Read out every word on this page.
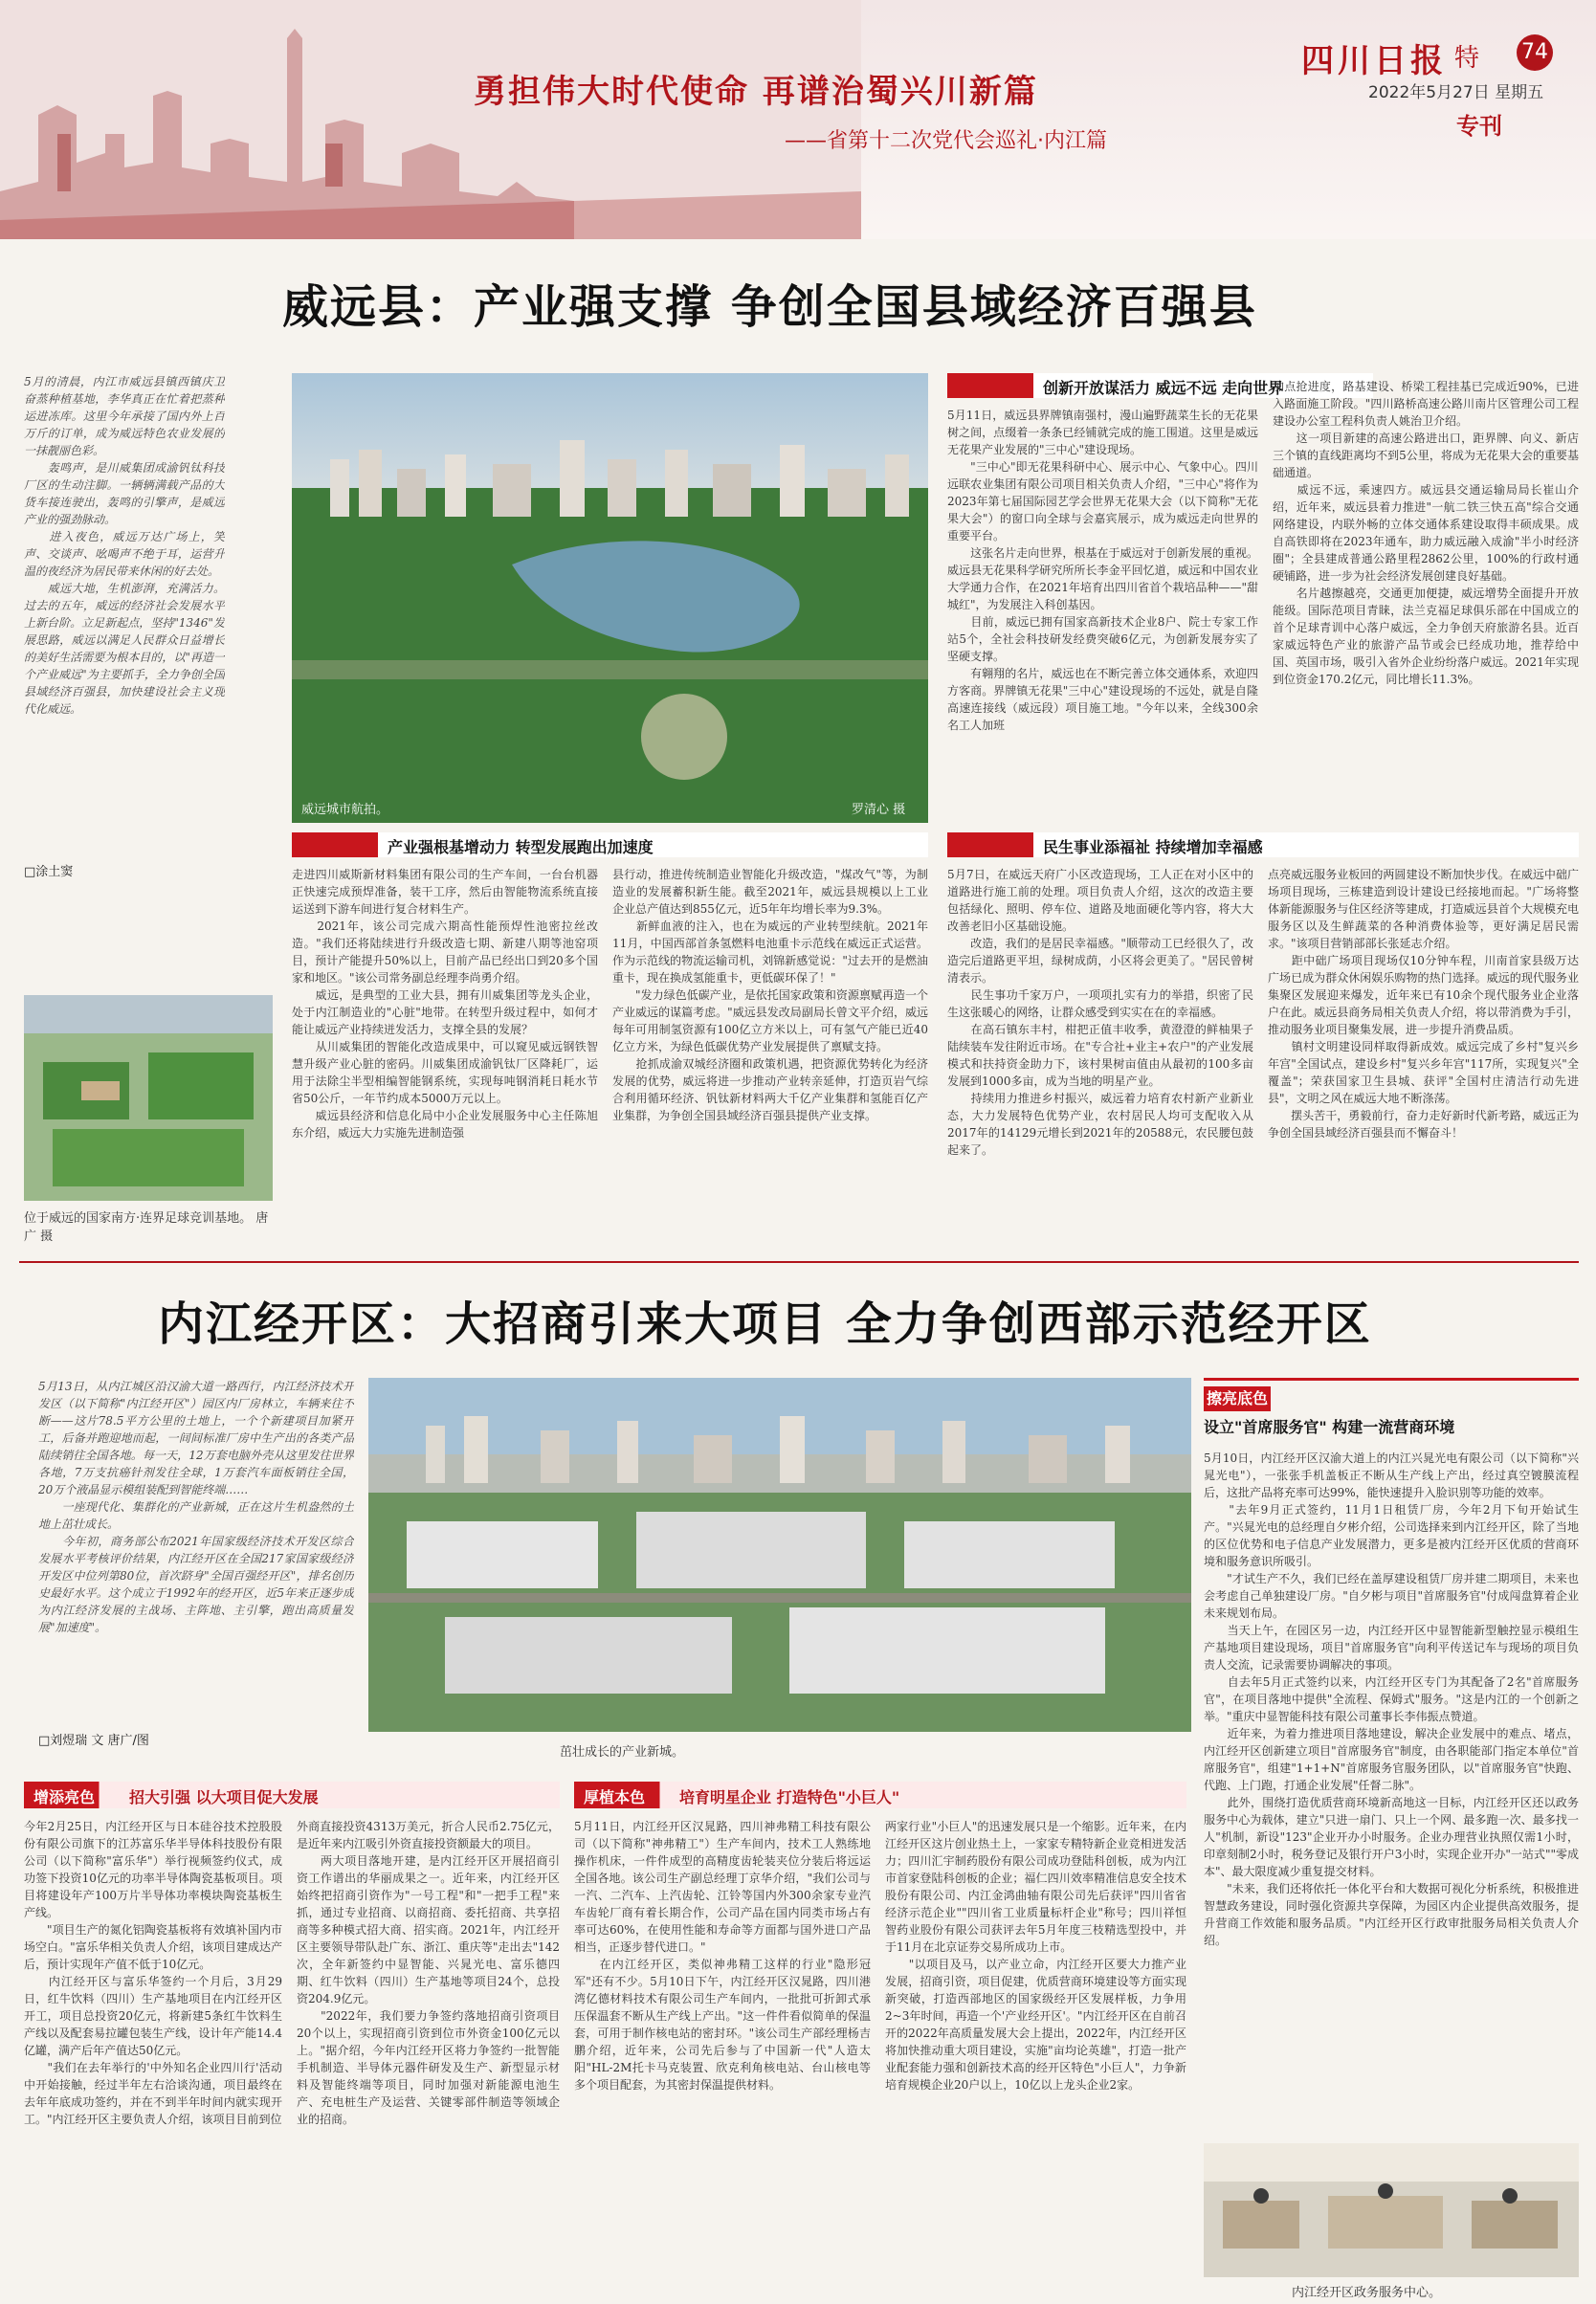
勇担伟大时代使命 再谱治蜀兴川新篇
——省第十二次党代会巡礼·内江篇
四川日报 特 74
2022年5月27日 星期五
专刊
威远县：产业强支撑 争创全国县域经济百强县
5月的清晨，内江市威远县镇西镇庆卫奋蒸种植基地，李华真正在忙着把蒸种运进冻库。这里今年承接了国内外上百万斤的订单，成为威远特色农业发展的一抹靓丽色彩。
　　轰鸣声，是川威集团成渝钒钛科技厂区的生动注脚。一辆辆满载产品的大货车接连驶出，轰鸣的引擎声，是威远产业的强劲脉动。
　　进入夜色，威远万达广场上，笑声、交谈声、吆喝声不绝于耳，运营升温的夜经济为居民带来休闲的好去处。
　　威远大地，生机澎湃，充满活力。过去的五年，威远的经济社会发展水平上新台阶。立足新起点，坚持"1346"发展思路，威远以满足人民群众日益增长的美好生活需要为根本目的，以"再造一个产业威远"为主要抓手，全力争创全国县域经济百强县，加快建设社会主义现代化威远。
□涂土窦
位于威远的国家南方·连界足球竞训基地。 唐广 摄
威远城市航拍。	罗清心 摄
创新开放谋活力 威远不远 走向世界
5月11日，威远县界牌镇南强村，漫山遍野蔬菜生长的无花果树之间，点缀着一条条已经铺就完成的施工围道。这里是威远无花果产业发展的"三中心"建设现场。
　　"三中心"即无花果科研中心、展示中心、气象中心。四川远联农业集团有限公司项目相关负责人介绍，"三中心"将作为2023年第七届国际园艺学会世界无花果大会（以下简称"无花果大会"）的窗口向全球与会嘉宾展示，成为威远走向世界的重要平台。
　　这张名片走向世界，根基在于威远对于创新发展的重视。威远县无花果科学研究所所长李金平回忆道，威远和中国农业大学通力合作，在2021年培育出四川省首个栽培品种——"甜城红"，为发展注入科创基因。
　　目前，威远已拥有国家高新技术企业8户、院士专家工作站5个，全社会科技研发经费突破6亿元，为创新发展夯实了坚硬支撑。
　　有翱翔的名片，威远也在不断完善立体交通体系，欢迎四方客商。界牌镇无花果"三中心"建设现场的不远处，就是自隆高速连接线（威远段）项目施工地。"今年以来，全线300余名工人加班
加点抢进度，路基建设、桥梁工程挂基已完成近90%，已进入路面施工阶段。"四川路桥高速公路川南片区管理公司工程建设办公室工程科负责人姚治卫介绍。
　　这一项目新建的高速公路进出口，距界牌、向义、新店三个镇的直线距离均不到5公里，将成为无花果大会的重要基础通道。
　　威远不远，乘速四方。威远县交通运输局局长崔山介绍，近年来，威远县着力推进"一航二铁三快五高"综合交通网络建设，内联外畅的立体交通体系建设取得丰硕成果。成自高铁即将在2023年通车，助力威远融入成渝"半小时经济圈"；全县建成普通公路里程2862公里，100%的行政村通硬铺路，进一步为社会经济发展创建良好基础。
　　名片越擦越亮，交通更加便捷，威远增势全面提升开放能级。国际范项目青睐，法兰克福足球俱乐部在中国成立的首个足球青训中心落户威远，全力争创天府旅游名县。近百家威远特色产业的旅游产品节或会已经成功地，推荐给中国、英国市场，吸引入省外企业纷纷落户威远。2021年实现到位资金170.2亿元，同比增长11.3%。
产业强根基增动力 转型发展跑出加速度
走进四川威斯新材料集团有限公司的生产车间，一台台机器正快速完成预焊准备，装干工序，然后由智能物流系统直接运送到下游车间进行复合材料生产。
　　2021年，该公司完成六期高性能预焊性池密拉丝改造。"我们还将陆续进行升级改造七期、新建八期等池窑项目，预计产能提升50%以上，目前产品已经出口到20多个国家和地区。"该公司常务副总经理李尚勇介绍。
　　威远，是典型的工业大县，拥有川威集团等龙头企业，处于内江制造业的"心脏"地带。在转型升级过程中，如何才能让威远产业持续迸发活力，支撑全县的发展？
　　从川威集团的智能化改造成果中，可以窥见威远钢铁智慧升级产业心脏的密码。川威集团成渝钒钛厂区降耗厂，运用于法除尘半型相编智能钢系统，实现每吨钢消耗日耗水节省50公斤，一年节约成本5000万元以上。
　　威远县经济和信息化局中小企业发展服务中心主任陈旭东介绍，威远大力实施先进制造强
县行动，推进传统制造业智能化升级改造，"煤改气"等，为制造业的发展蓄积新生能。截至2021年，威远县规模以上工业企业总产值达到855亿元，近5年年均增长率为9.3%。
　　新鲜血液的注入，也在为威远的产业转型续航。2021年11月，中国西部首条氢燃料电池重卡示范线在威远正式运营。作为示范线的物流运输司机，刘锦新感觉说："过去开的是燃油重卡，现在换成氢能重卡，更低碳环保了！"
　　"发力绿色低碳产业，是依托国家政策和资源禀赋再造一个产业威远的谋篇考虑。"威远县发改局副局长曾文平介绍，威远每年可用制氢资源有100亿立方米以上，可有氢气产能已近40亿立方米，为绿色低碳优势产业发展提供了禀赋支持。
　　抢抓成渝双城经济圈和政策机遇，把资源优势转化为经济发展的优势，威远将进一步推动产业转亲延伸，打造页岩气综合利用循环经济、钒钛新材料两大千亿产业集群和氢能百亿产业集群，为争创全国县域经济百强县提供产业支撑。
民生事业添福祉 持续增加幸福感
5月7日，在威远天府广小区改造现场，工人正在对小区中的道路进行施工前的处理。项目负责人介绍，这次的改造主要包括绿化、照明、停车位、道路及地面硬化等内容，将大大改善老旧小区基础设施。
　　改造，我们的是居民幸福感。"顺带动工已经很久了，改造完后道路更平坦，绿树成荫，小区将会更美了。"居民曾树清表示。
　　民生事功千家万户，一项项扎实有力的举措，织密了民生这张暖心的网络，让群众感受到实实在在的幸福感。
　　在高石镇东丰村，柑把正值丰收季，黄澄澄的鲜柚果子陆续装车发往附近市场。在"专合社+业主+农户"的产业发展模式和扶持资金助力下，该村果树亩值由从最初的100多亩发展到1000多亩，成为当地的明星产业。
　　持续用力推进乡村振兴，威远着力培育农村新产业新业态，大力发展特色优势产业，农村居民人均可支配收入从2017年的14129元增长到2021年的20588元，农民腰包鼓起来了。
点亮威远服务业板回的两圆建设不断加快步伐。在威远中础广场项目现场，三栋建造到设计建设已经接地而起。"广场将整体新能源服务与住区经济等建成，打造威远县首个大规模充电服务区以及生鲜蔬菜的各种消费体验等，更好满足居民需求。"该项目营销部部长张延志介绍。
　　距中础广场项目现场仅10分钟车程，川南首家县级万达广场已成为群众休闲娱乐购物的热门选择。威远的现代服务业集聚区发展迎来爆发，近年来已有10余个现代服务业企业落户在此。威远县商务局相关负责人介绍，将以带消费为手引，推动服务业项目聚集发展，进一步提升消费品质。
　　镇村文明建设同样取得新成效。威远完成了乡村"复兴乡年宫"全国试点，建设乡村"复兴乡年宫"117所，实现复兴"全覆盖"；荣获国家卫生县城、获评"全国村庄清洁行动先进县"，文明之风在威远大地不断涤荡。
　　摆头苦干，勇毅前行，奋力走好新时代新考路，威远正为争创全国县域经济百强县而不懈奋斗！
内江经开区：大招商引来大项目 全力争创西部示范经开区
5月13日，从内江城区沿汉渝大道一路西行，内江经济技术开发区（以下简称"内江经开区"）园区内厂房林立，车辆来往不断——这片78.5平方公里的土地上，一个个新建项目加紧开工，后备并跑迎地而起，一间间标准厂房中生产出的各类产品陆续销往全国各地。每一天，12万套电脑外壳从这里发往世界各地，7万支抗癌针剂发往全球，1万套汽车面板销往全国，20万个液晶显示模组装配到智能终端……
　　一座现代化、集群化的产业新城，正在这片生机盎然的土地上茁壮成长。
　　今年初，商务部公布2021年国家级经济技术开发区综合发展水平考核评价结果，内江经开区在全国217家国家级经济开发区中位列第80位，首次跻身"全国百强经开区"，排名创历史最好水平。这个成立于1992年的经开区，近5年来正逐步成为内江经济发展的主战场、主阵地、主引擎，跑出高质量发展"加速度"。
□刘煜瑞 文 唐广/图
茁壮成长的产业新城。
擦亮底色
设立"首席服务官" 构建一流营商环境
5月10日，内江经开区汉渝大道上的内江兴晁光电有限公司（以下简称"兴晁光电"），一张张手机盖板正不断从生产线上产出，经过真空镀膜流程后，这批产品将充率可达99%，能快速提升入脸识别等功能的效率。
　　"去年9月正式签约，11月1日租赁厂房，今年2月下旬开始试生产。"兴晁光电的总经理自夕彬介绍，公司选择来到内江经开区，除了当地的区位优势和电子信息产业发展潜力，更多是被内江经开区优质的营商环境和服务意识所吸引。
　　"才试生产不久，我们已经在盖厚建设租赁厂房并建二期项目，未来也会考虑自己单独建设厂房。"自夕彬与项目"首席服务官"付成闯盘算着企业未来规划布局。
　　当天上午，在园区另一边，内江经开区中显智能新型触控显示模组生产基地项目建设现场，项目"首席服务官"向利平传送记车与现场的项目负责人交流，记录需要协调解决的事项。
　　自去年5月正式签约以来，内江经开区专门为其配备了2名"首席服务官"，在项目落地中提供"全流程、保姆式"服务。"这是内江的一个创新之举。"重庆中显智能科技有限公司董事长李伟振点赞道。
　　近年来，为着力推进项目落地建设，解决企业发展中的难点、堵点，内江经开区创新建立项目"首席服务官"制度，由各职能部门指定本单位"首席服务官"，组建"1+1+N"首席服务官服务团队，以"首席服务官"快跑、代跑、上门跑，打通企业发展"任督二脉"。
　　此外，围绕打造优质营商环境新高地这一目标，内江经开区还以政务服务中心为载体，建立"只进一扇门、只上一个网、最多跑一次、最多找一人"机制，新设"123"企业开办小时服务。企业办理营业执照仅需1小时，印章刻制2小时，税务登记及银行开户3小时，实现企业开办"一站式""零成本"、最大限度减少重复提交材料。
　　"未来，我们还将依托一体化平台和大数据可视化分析系统，积极推进智慧政务建设，同时强化资源共享保障，为园区内企业提供高效服务，提升营商工作效能和服务品质。"内江经开区行政审批服务局相关负责人介绍。
内江经开区政务服务中心。
增添亮色 招大引强 以大项目促大发展
今年2月25日，内江经开区与日本硅谷技术控股股份有限公司旗下的江苏富乐华半导体科技股份有限公司（以下简称"富乐华"）举行视频签约仪式，成功签下投资10亿元的功率半导体陶瓷基板项目。项目将建设年产100万片半导体功率模块陶瓷基板生产线。
　　"项目生产的氮化铝陶瓷基板将有效填补国内市场空白。"富乐华相关负责人介绍，该项目建成达产后，预计实现年产值不低于10亿元。
　　内江经开区与富乐华签约一个月后，3月29日，红牛饮料（四川）生产基地项目在内江经开区开工，项目总投资20亿元，将新建5条红牛饮料生产线以及配套易拉罐包装生产线，设计年产能14.4亿罐，满产后年产值达50亿元。
　　"我们在去年举行的'中外知名企业四川行'活动中开始接触，经过半年左右洽谈沟通，项目最终在去年年底成功签约，并在不到半年时间内就实现开工。"内江经开区主要负责人介绍，该项目目前到位
外商直接投资4313万美元，折合人民币2.75亿元，是近年来内江吸引外资直接投资额最大的项目。
　　两大项目落地开建，是内江经开区开展招商引资工作谱出的华丽成果之一。近年来，内江经开区始终把招商引资作为"一号工程"和"一把手工程"来抓，通过专业招商、以商招商、委托招商、共享招商等多种模式招大商、招实商。2021年，内江经开区主要领导带队赴广东、浙江、重庆等"走出去"142次，全年新签约中显智能、兴晁光电、富乐德四期、红牛饮料（四川）生产基地等项目24个，总投资204.9亿元。
　　"2022年，我们要力争签约落地招商引资项目20个以上，实现招商引资到位市外资金100亿元以上。"据介绍，今年内江经开区将力争签约一批智能手机制造、半导体元器件研发及生产、新型显示材料及智能终端等项目，同时加强对新能源电池生产、充电桩生产及运营、关键零部件制造等领域企业的招商。
厚植本色 培育明星企业 打造特色"小巨人"
5月11日，内江经开区汉晁路，四川神弗精工科技有限公司（以下简称"神弗精工"）生产车间内，技术工人熟练地操作机床，一件件成型的高精度齿轮装夹位分装后将远运全国各地。该公司生产副总经理丁京华介绍，"我们公司与一汽、二汽车、上汽齿轮、江铃等国内外300余家专业汽车齿轮厂商有着长期合作，公司产品在国内同类市场占有率可达60%，在使用性能和寿命等方面都与国外进口产品相当，正逐步替代进口。"
　　在内江经开区，类似神弗精工这样的行业"隐形冠军"还有不少。5月10日下午，内江经开区汉晁路，四川港湾亿德材料技术有限公司生产车间内，一批批可折卸式承压保温套不断从生产线上产出。"这一件件看似简单的保温套，可用于制作核电站的密封环。"该公司生产部经理杨吉鹏介绍，近年来，公司先后参与了中国新一代"人造太阳"HL-2M托卡马克装置、欣克利角核电站、台山核电等多个项目配套，为其密封保温提供材料。
两家行业"小巨人"的迅速发展只是一个缩影。近年来，在内江经开区这片创业热土上，一家家专精特新企业竞相迸发活力；四川汇宇制药股份有限公司成功登陆科创板，成为内江市首家登陆科创板的企业；福仁四川效率精准信息安全技术股份有限公司、内江金鸿曲轴有限公司先后获评"四川省省经济示范企业""四川省工业质量标杆企业"称号；四川祥恒智药业股份有限公司获评去年5月年度三枝精选型投中，并于11月在北京证券交易所成功上市。
　　"以项目及马，以产业立命，内江经开区要大力推产业发展，招商引资，项目促建，优质营商环境建设等方面实现新突破，打造西部地区的国家级经开区发展样板，力争用2~3年时间，再造一个'产业经开区'。"内江经开区在自前召开的2022年高质量发展大会上提出，2022年，内江经开区将加快推动重大项目建设，实施"亩均论英雄"，打造一批产业配套能力强和创新技术高的经开区特色"小巨人"，力争新培育规模企业20户以上，10亿以上龙头企业2家。
